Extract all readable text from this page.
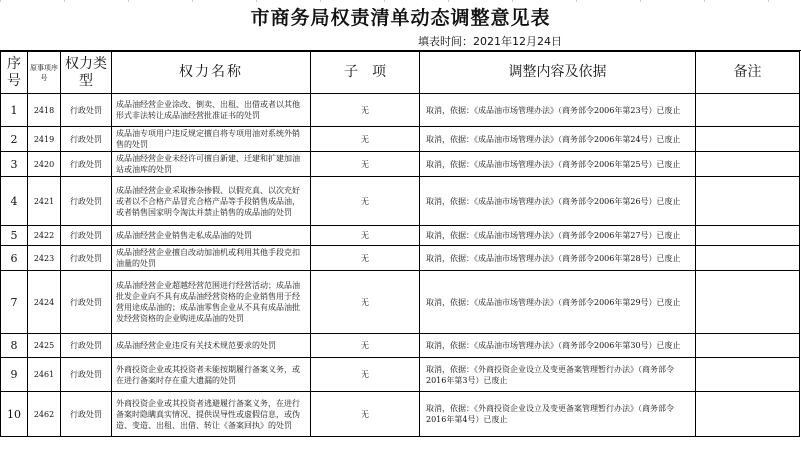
市商务局权责清单动态调整意见表
填表时间：2021年12月24日
序号	原事项序号	权力类型	权力名称	子　项	调整内容及依据	备注
1	2418	行政处罚	成品油经营企业涂改、倒卖、出租、出借或者以其他形式非法转让成品油经营批准证书的处罚	无	取消，依据：《成品油市场管理办法》（商务部令2006年第23号）已废止	
2	2419	行政处罚	成品油专项用户违反规定擅自将专项用油对系统外销售的处罚	无	取消，依据：《成品油市场管理办法》（商务部令2006年第24号）已废止	
3	2420	行政处罚	成品油经营企业未经许可擅自新建、迁建和扩建加油站或油库的处罚	无	取消，依据：《成品油市场管理办法》（商务部令2006年第25号）已废止	
4	2421	行政处罚	成品油经营企业采取掺杂掺假、以假充真、以次充好或者以不合格产品冒充合格产品等手段销售成品油，或者销售国家明令淘汰并禁止销售的成品油的处罚	无	取消，依据：《成品油市场管理办法》（商务部令2006年第26号）已废止	
5	2422	行政处罚	成品油经营企业销售走私成品油的处罚	无	取消，依据：《成品油市场管理办法》（商务部令2006年第27号）已废止	
6	2423	行政处罚	成品油经营企业擅自改动加油机或利用其他手段克扣油量的处罚	无	取消，依据：《成品油市场管理办法》（商务部令2006年第28号）已废止	
7	2424	行政处罚	成品油经营企业超越经营范围进行经营活动；成品油批发企业向不具有成品油经营资格的企业销售用于经营用途成品油的；成品油零售企业从不具有成品油批发经营资格的企业购进成品油的处罚	无	取消，依据：《成品油市场管理办法》（商务部令2006年第29号）已废止	
8	2425	行政处罚	成品油经营企业违反有关技术规范要求的处罚	无	取消，依据：《成品油市场管理办法》（商务部令2006年第30号）已废止	
9	2461	行政处罚	外商投资企业或其投资者未能按期履行备案义务，或在进行备案时存在重大遗漏的处罚	无	取消，依据：《外商投资企业设立及变更备案管理暂行办法》（商务部令2016年第3号）已废止	
10	2462	行政处罚	外商投资企业或其投资者逃避履行备案义务，在进行备案时隐瞒真实情况、提供误导性或虚假信息，或伪造、变造、出租、出借、转让《备案回执》的处罚	无	取消，依据：《外商投资企业设立及变更备案管理暂行办法》（商务部令2016年第4号）已废止	
